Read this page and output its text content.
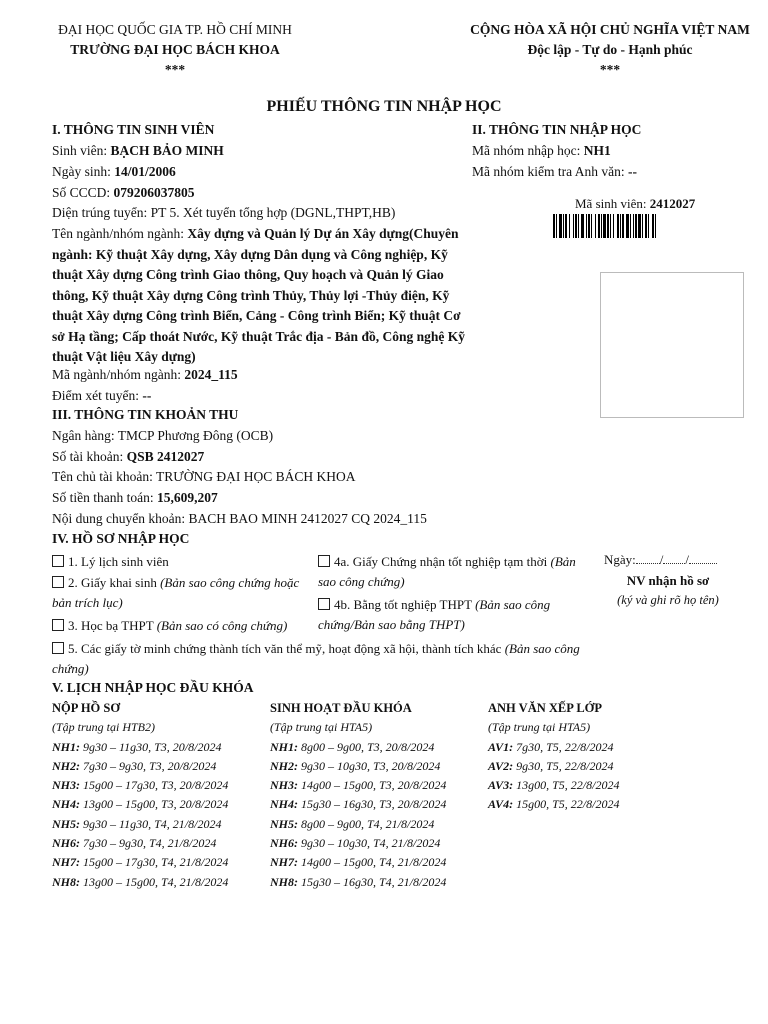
ĐẠI HỌC QUỐC GIA TP. HỒ CHÍ MINH
TRƯỜNG ĐẠI HỌC BÁCH KHOA
***
CỘNG HÒA XÃ HỘI CHỦ NGHĨA VIỆT NAM
Độc lập - Tự do - Hạnh phúc
***
PHIẾU THÔNG TIN NHẬP HỌC
I. THÔNG TIN SINH VIÊN
Sinh viên: BẠCH BẢO MINH
Ngày sinh: 14/01/2006
Số CCCD: 079206037805
Diện trúng tuyển: PT 5. Xét tuyển tổng hợp (DGNL,THPT,HB)
Tên ngành/nhóm ngành: Xây dựng và Quản lý Dự án Xây dựng(Chuyên ngành: Kỹ thuật Xây dựng, Xây dựng Dân dụng và Công nghiệp, Kỹ thuật Xây dựng Công trình Giao thông, Quy hoạch và Quản lý Giao thông, Kỹ thuật Xây dựng Công trình Thủy, Thủy lợi -Thủy điện, Kỹ thuật Xây dựng Công trình Biển, Cảng - Công trình Biển; Kỹ thuật Cơ sở Hạ tầng; Cấp thoát Nước, Kỹ thuật Trắc địa - Bản đồ, Công nghệ Kỹ thuật Vật liệu Xây dựng)
Mã ngành/nhóm ngành: 2024_115
Điểm xét tuyển: --
II. THÔNG TIN NHẬP HỌC
Mã nhóm nhập học: NH1
Mã nhóm kiểm tra Anh văn: --
Mã sinh viên: 2412027
III. THÔNG TIN KHOẢN THU
Ngân hàng: TMCP Phương Đông (OCB)
Số tài khoản: QSB 2412027
Tên chủ tài khoản: TRƯỜNG ĐẠI HỌC BÁCH KHOA
Số tiền thanh toán: 15,609,207
Nội dung chuyển khoản: BACH BAO MINH 2412027 CQ 2024_115
IV. HỒ SƠ NHẬP HỌC
1. Lý lịch sinh viên
2. Giấy khai sinh (Bản sao công chứng hoặc bản trích lục)
3. Học bạ THPT (Bản sao có công chứng)
4a. Giấy Chứng nhận tốt nghiệp tạm thời (Bản sao công chứng)
4b. Bằng tốt nghiệp THPT (Bản sao công chứng/Bản sao bằng THPT)
5. Các giấy tờ minh chứng thành tích văn thể mỹ, hoạt động xã hội, thành tích khác (Bản sao công chứng)
Ngày: / /
NV nhận hồ sơ
(ký và ghi rõ họ tên)
V. LỊCH NHẬP HỌC ĐẦU KHÓA
NỘP HỒ SƠ
(Tập trung tại HTB2)
NH1: 9g30 – 11g30, T3, 20/8/2024
NH2: 7g30 – 9g30, T3, 20/8/2024
NH3: 15g00 – 17g30, T3, 20/8/2024
NH4: 13g00 – 15g00, T3, 20/8/2024
NH5: 9g30 – 11g30, T4, 21/8/2024
NH6: 7g30 – 9g30, T4, 21/8/2024
NH7: 15g00 – 17g30, T4, 21/8/2024
NH8: 13g00 – 15g00, T4, 21/8/2024
SINH HOẠT ĐẦU KHÓA
(Tập trung tại HTA5)
NH1: 8g00 – 9g00, T3, 20/8/2024
NH2: 9g30 – 10g30, T3, 20/8/2024
NH3: 14g00 – 15g00, T3, 20/8/2024
NH4: 15g30 – 16g30, T3, 20/8/2024
NH5: 8g00 – 9g00, T4, 21/8/2024
NH6: 9g30 – 10g30, T4, 21/8/2024
NH7: 14g00 – 15g00, T4, 21/8/2024
NH8: 15g30 – 16g30, T4, 21/8/2024
ANH VĂN XẾP LỚP
(Tập trung tại HTA5)
AV1: 7g30, T5, 22/8/2024
AV2: 9g30, T5, 22/8/2024
AV3: 13g00, T5, 22/8/2024
AV4: 15g00, T5, 22/8/2024
